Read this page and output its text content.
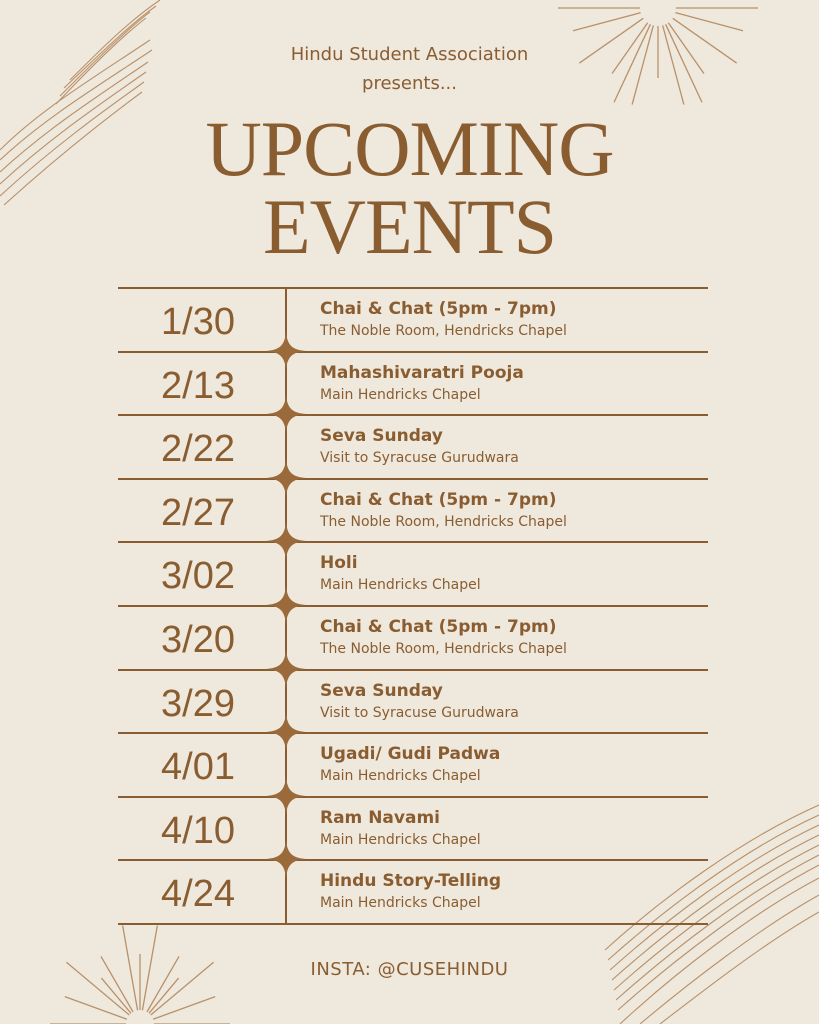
Hindu Student Association
presents...
UPCOMING
EVENTS
1/30	Chai & Chat (5pm - 7pm)
The Noble Room, Hendricks Chapel
2/13	Mahashivaratri Pooja
Main Hendricks Chapel
2/22	Seva Sunday
Visit to Syracuse Gurudwara
2/27	Chai & Chat (5pm - 7pm)
The Noble Room, Hendricks Chapel
3/02	Holi
Main Hendricks Chapel
3/20	Chai & Chat (5pm - 7pm)
The Noble Room, Hendricks Chapel
3/29	Seva Sunday
Visit to Syracuse Gurudwara
4/01	Ugadi/ Gudi Padwa
Main Hendricks Chapel
4/10	Ram Navami
Main Hendricks Chapel
4/24	Hindu Story-Telling
Main Hendricks Chapel
INSTA: @CUSEHINDU
